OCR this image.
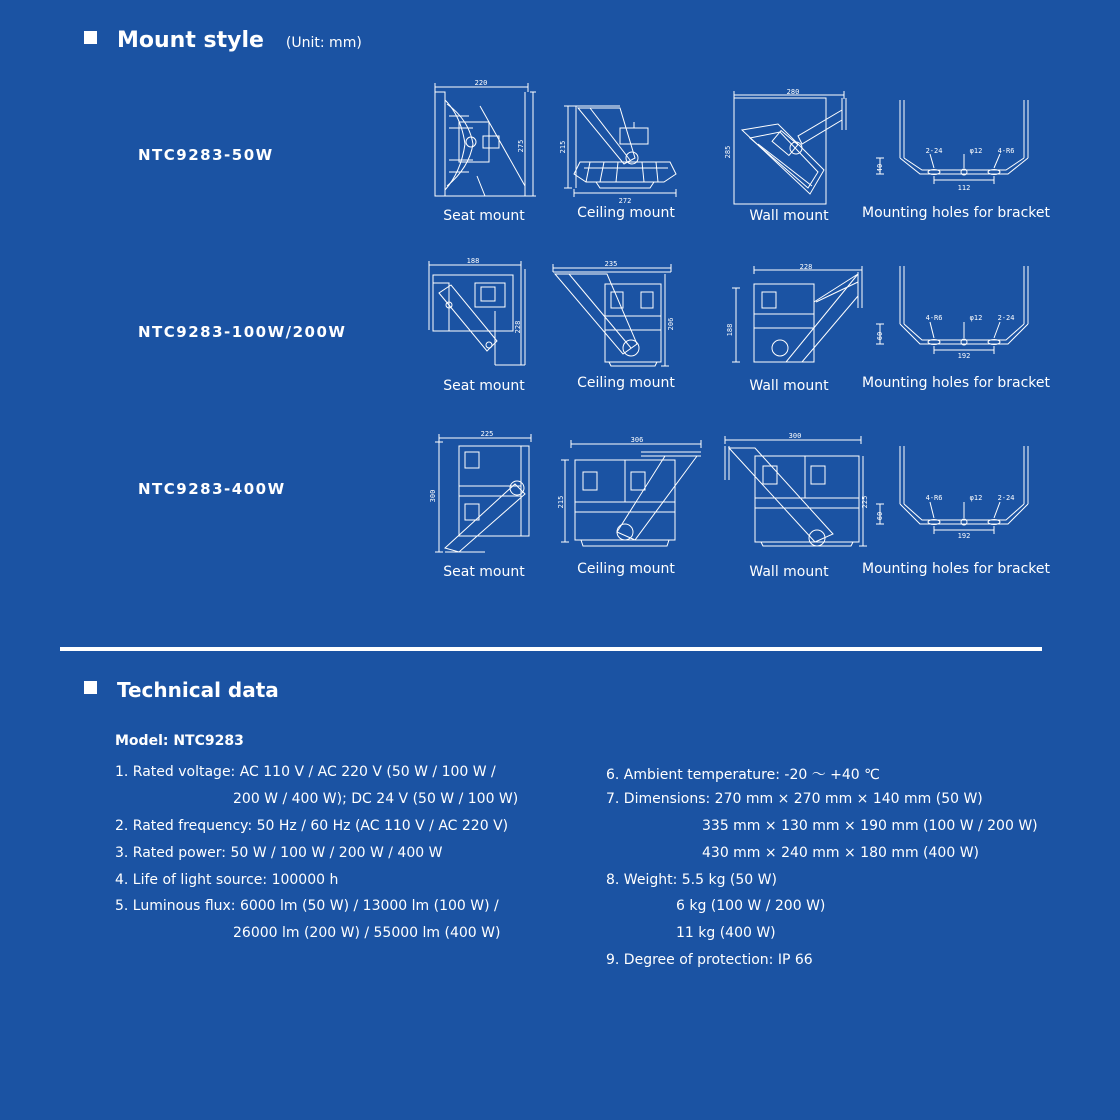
Mount style (Unit: mm)
NTC9283-50W
NTC9283-100W/200W
NTC9283-400W
220
275	215
272
280
285	2-24	φ12 4-R6
40
112
Seat mount	Ceiling mount	Wall mount Mounting holes for bracket
188
228
235
206
228
188
4-R6	φ12 2-24
60
192
Seat mount	Ceiling mount	Wall mount Mounting holes for bracket
225
300
306
215
300
225	4-R6	φ12 2-24
60
192
Seat mount	Ceiling mount	Wall mount Mounting holes for bracket
Technical data
Model: NTC9283
1. Rated voltage: AC 110 V / AC 220 V (50 W / 100 W /
200 W / 400 W); DC 24 V (50 W / 100 W)
2. Rated frequency: 50 Hz / 60 Hz (AC 110 V / AC 220 V)
3. Rated power: 50 W / 100 W / 200 W / 400 W
4. Life of light source: 100000 h
5. Luminous flux: 6000 lm (50 W) / 13000 lm (100 W) /
26000 lm (200 W) / 55000 lm (400 W)
6. Ambient temperature: -20 ～ +40 ℃
7. Dimensions: 270 mm × 270 mm × 140 mm (50 W)
335 mm × 130 mm × 190 mm (100 W / 200 W)
430 mm × 240 mm × 180 mm (400 W)
8. Weight: 5.5 kg (50 W)
6 kg (100 W / 200 W)
11 kg (400 W)
9. Degree of protection: IP 66
